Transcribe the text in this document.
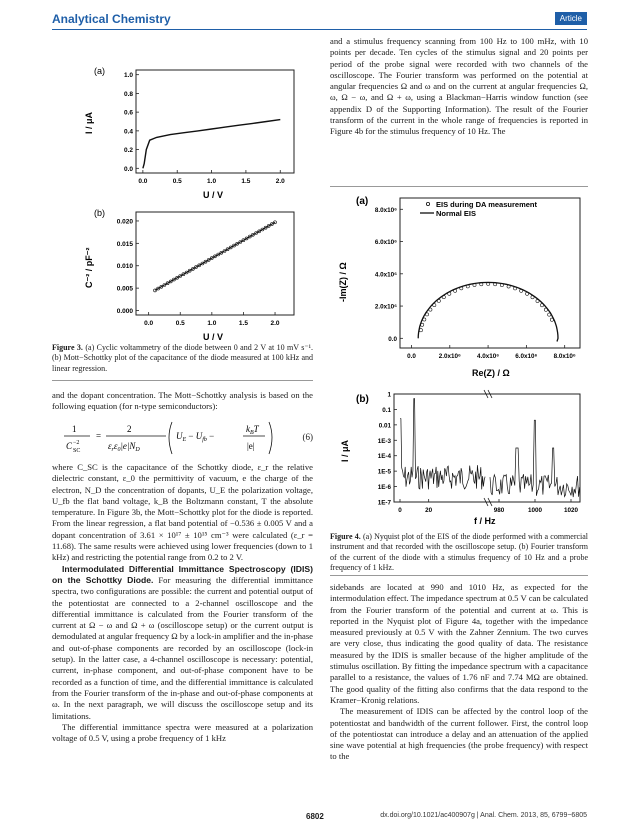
Analytical Chemistry	Article
(a)
0.0
0.2
0.4
0.6
0.8
1.0
0.0	0.5	1.0	1.5	2.0
I / μA
U / V
(b)
0.000
0.005
0.010
0.015
0.020
0.0	0.5	1.0	1.5	2.0
C⁻² / pF⁻²
U / V
Figure 3. (a) Cyclic voltammetry of the diode between 0 and 2 V at 10 mV s⁻¹. (b) Mott−Schottky plot of the capacitance of the diode measured at 100 kHz and linear regression.

and the dopant concentration. The Mott−Schottky analysis is based on the following equation (for n-type semiconductors):

1
C SC
−2
=
2
$\varepsilon_r\varepsilon_0|e|N_D$
$U_E - U_{fb}$ −
$k_BT$
|e|
(6)

where C_SC is the capacitance of the Schottky diode, ε_r the relative dielectric constant, ε_0 the permittivity of vacuum, e the charge of the electron, N_D the concentration of dopants, U_E the polarization voltage, U_fb the flat band voltage, k_B the Boltzmann constant, T the absolute temperature. In Figure 3b, the Mott−Schottky plot for the diode is reported. From the linear regression, a flat band potential of −0.536 ± 0.005 V and a dopant concentration of 3.61 × 10¹⁷ ± 10¹⁵ cm⁻³ were calculated (ε_r = 11.68). The same results were achieved using lower frequencies (down to 1 kHz) and restricting the potential range from 0.2 to 2 V.

Intermodulated Differential Immittance Spectroscopy (IDIS) on the Schottky Diode. For measuring the differential immittance spectra, two configurations are possible: the current and potential output of the potentiostat are connected to a 2-channel oscilloscope and the differential immittance is calculated from the Fourier transform of the current at Ω − ω and Ω + ω (oscilloscope setup) or the current output is demodulated at angular frequency Ω by a lock-in amplifier and the in-phase and out-of-phase components are recorded by an oscilloscope (lock-in setup). In the latter case, a 4-channel oscilloscope is necessary: potential, current, in-phase component, and out-of-phase component have to be recorded as a function of time, and the differential immittance is calculated from the Fourier transform of the in-phase and out-of-phase components at ω. In the next paragraph, we will discuss the oscilloscope setup and its limitations.

The differential immittance spectra were measured at a polarization voltage of 0.5 V, using a probe frequency of 1 kHz

and a stimulus frequency scanning from 100 Hz to 100 mHz, with 10 points per decade. Ten cycles of the stimulus signal and 20 points per period of the probe signal were recorded with two channels of the oscilloscope. The Fourier transform was performed on the potential at angular frequencies Ω and ω and on the current at angular frequencies Ω, ω, Ω − ω, and Ω + ω, using a Blackman−Harris window function (see appendix D of the Supporting Information). The result of the Fourier transform of the current in the whole range of frequencies is reported in Figure 4b for the stimulus frequency of 10 Hz. The

(a)
0.0
2.0x10⁶
4.0x10⁶
6.0x10⁶
8.0x10⁶
0.0	2.0x10⁶	4.0x10⁶	6.0x10⁶	8.0x10⁶
EIS during DA measurement
Normal EIS
-Im(Z) / Ω
Re(Z) / Ω
(b)	1
0.1
0.01
1E-3
1E-4
1E-5
1E-6
1E-7
0	20	980	1000	1020
I / μA
f / Hz
Figure 4. (a) Nyquist plot of the EIS of the diode performed with a commercial instrument and that recorded with the oscilloscope setup. (b) Fourier transform of the current of the diode with a stimulus frequency of 10 Hz and a probe frequency of 1 kHz.

sidebands are located at 990 and 1010 Hz, as expected for the intermodulation effect. The impedance spectrum at 0.5 V can be calculated from the Fourier transform of the potential and current at ω. This is reported in the Nyquist plot of Figure 4a, together with the impedance measured previously at 0.5 V with the Zahner Zennium. The two curves are very close, thus indicating the good quality of data. The resistance measured by the IDIS is smaller because of the higher amplitude of the stimulus oscillation. By fitting the impedance spectrum with a capacitance parallel to a resistance, the values of 1.76 nF and 7.74 MΩ are obtained. The good quality of the fitting also confirms that the data respond to the Kramer−Kronig relations.

The measurement of IDIS can be affected by the control loop of the potentiostat and bandwidth of the current follower. First, the control loop of the potentiostat can introduce a delay and an attenuation of the applied sine wave potential at high frequencies (the probe frequency) with respect to the

6802	dx.doi.org/10.1021/ac400907g | Anal. Chem. 2013, 85, 6799−6805
